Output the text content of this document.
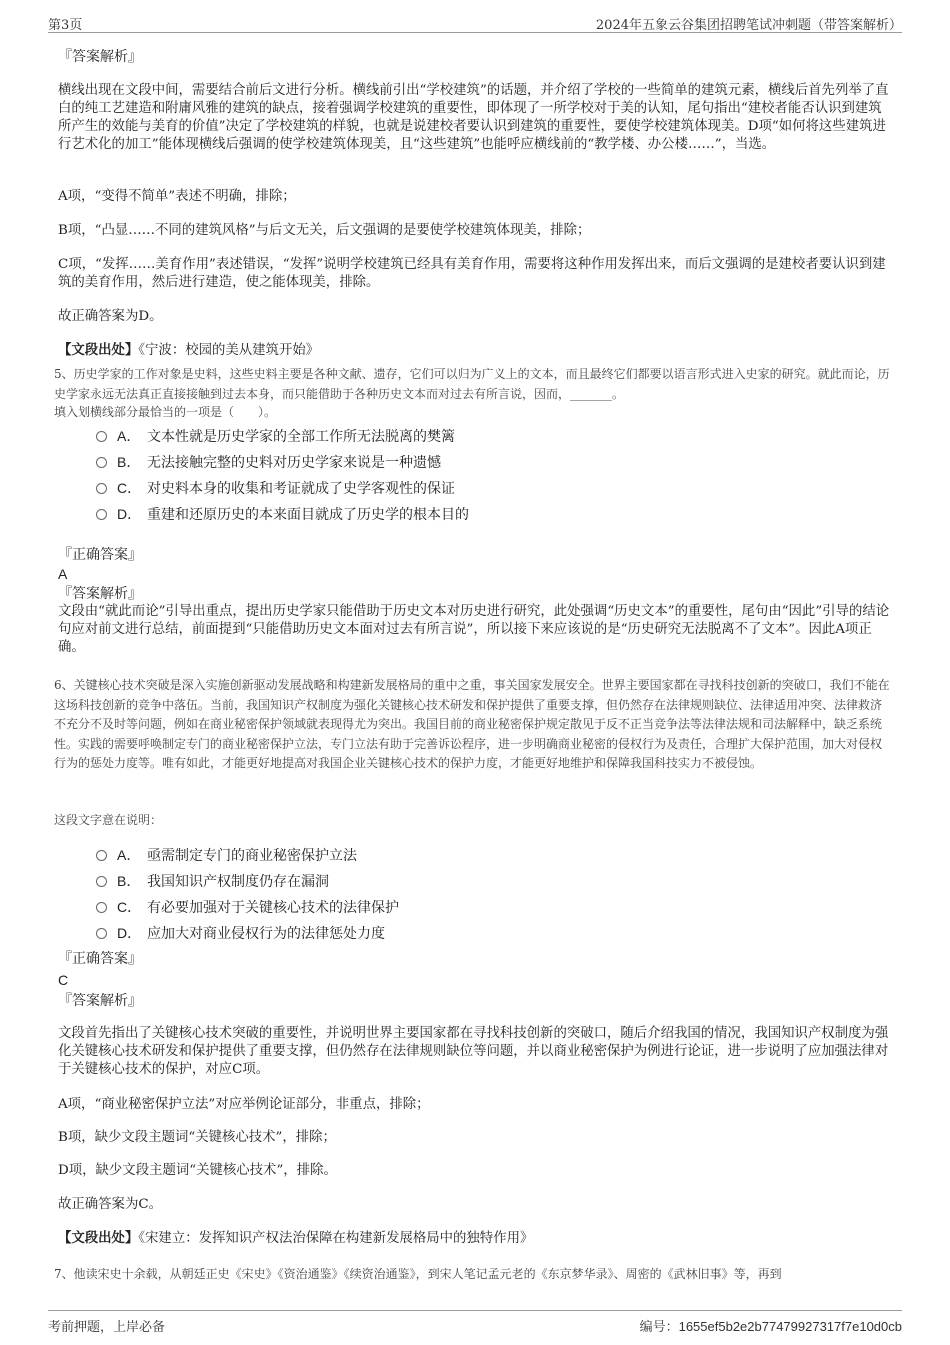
第3页	2024年五象云谷集团招聘笔试冲刺题（带答案解析）
『答案解析』
横线出现在文段中间，需要结合前后文进行分析。横线前引出“学校建筑”的话题，并介绍了学校的一些简单的建筑元素，横线后首先列举了直白的纯工艺建造和附庸风雅的建筑的缺点，接着强调学校建筑的重要性，即体现了一所学校对于美的认知，尾句指出“建校者能否认识到建筑所产生的效能与美育的价值”决定了学校建筑的样貌，也就是说建校者要认识到建筑的重要性，要使学校建筑体现美。D项“如何将这些建筑进行艺术化的加工”能体现横线后强调的使学校建筑体现美，且“这些建筑”也能呼应横线前的“教学楼、办公楼……”，当选。
A项，“变得不简单”表述不明确，排除；
B项，“凸显……不同的建筑风格”与后文无关，后文强调的是要使学校建筑体现美，排除；
C项，“发挥……美育作用”表述错误，“发挥”说明学校建筑已经具有美育作用，需要将这种作用发挥出来，而后文强调的是建校者要认识到建筑的美育作用，然后进行建造，使之能体现美，排除。
故正确答案为D。
【文段出处】《宁波：校园的美从建筑开始》
5、历史学家的工作对象是史料，这些史料主要是各种文献、遗存，它们可以归为广义上的文本，而且最终它们都要以语言形式进入史家的研究。就此而论，历史学家永远无法真正直接接触到过去本身，而只能借助于各种历史文本而对过去有所言说，因而，_______。
填入划横线部分最恰当的一项是（　　）。
A． 文本性就是历史学家的全部工作所无法脱离的樊篱
B． 无法接触完整的史料对历史学家来说是一种遗憾
C． 对史料本身的收集和考证就成了史学客观性的保证
D． 重建和还原历史的本来面目就成了历史学的根本目的
『正确答案』
A
『答案解析』
文段由“就此而论”引导出重点，提出历史学家只能借助于历史文本对历史进行研究，此处强调“历史文本”的重要性，尾句由“因此”引导的结论句应对前文进行总结，前面提到“只能借助历史文本面对过去有所言说”，所以接下来应该说的是“历史研究无法脱离不了文本”。因此A项正确。
6、关键核心技术突破是深入实施创新驱动发展战略和构建新发展格局的重中之重，事关国家发展安全。世界主要国家都在寻找科技创新的突破口，我们不能在这场科技创新的竞争中落伍。当前，我国知识产权制度为强化关键核心技术研发和保护提供了重要支撑，但仍然存在法律规则缺位、法律适用冲突、法律救济不充分不及时等问题，例如在商业秘密保护领域就表现得尤为突出。我国目前的商业秘密保护规定散见于反不正当竞争法等法律法规和司法解释中，缺乏系统性。实践的需要呼唤制定专门的商业秘密保护立法，专门立法有助于完善诉讼程序，进一步明确商业秘密的侵权行为及责任，合理扩大保护范围，加大对侵权行为的惩处力度等。唯有如此，才能更好地提高对我国企业关键核心技术的保护力度，才能更好地维护和保障我国科技实力不被侵蚀。
这段文字意在说明：
A． 亟需制定专门的商业秘密保护立法
B． 我国知识产权制度仍存在漏洞
C． 有必要加强对于关键核心技术的法律保护
D． 应加大对商业侵权行为的法律惩处力度
『正确答案』
C
『答案解析』
文段首先指出了关键核心技术突破的重要性，并说明世界主要国家都在寻找科技创新的突破口，随后介绍我国的情况，我国知识产权制度为强化关键核心技术研发和保护提供了重要支撑，但仍然存在法律规则缺位等问题，并以商业秘密保护为例进行论证，进一步说明了应加强法律对于关键核心技术的保护，对应C项。
A项，“商业秘密保护立法”对应举例论证部分，非重点，排除；
B项，缺少文段主题词“关键核心技术”，排除；
D项，缺少文段主题词“关键核心技术”，排除。
故正确答案为C。
【文段出处】《宋建立：发挥知识产权法治保障在构建新发展格局中的独特作用》
7、他读宋史十余载，从朝廷正史《宋史》《资治通鉴》《续资治通鉴》，到宋人笔记孟元老的《东京梦华录》、周密的《武林旧事》等，再到
考前押题，上岸必备	编号：1655ef5b2e2b77479927317f7e10d0cb
